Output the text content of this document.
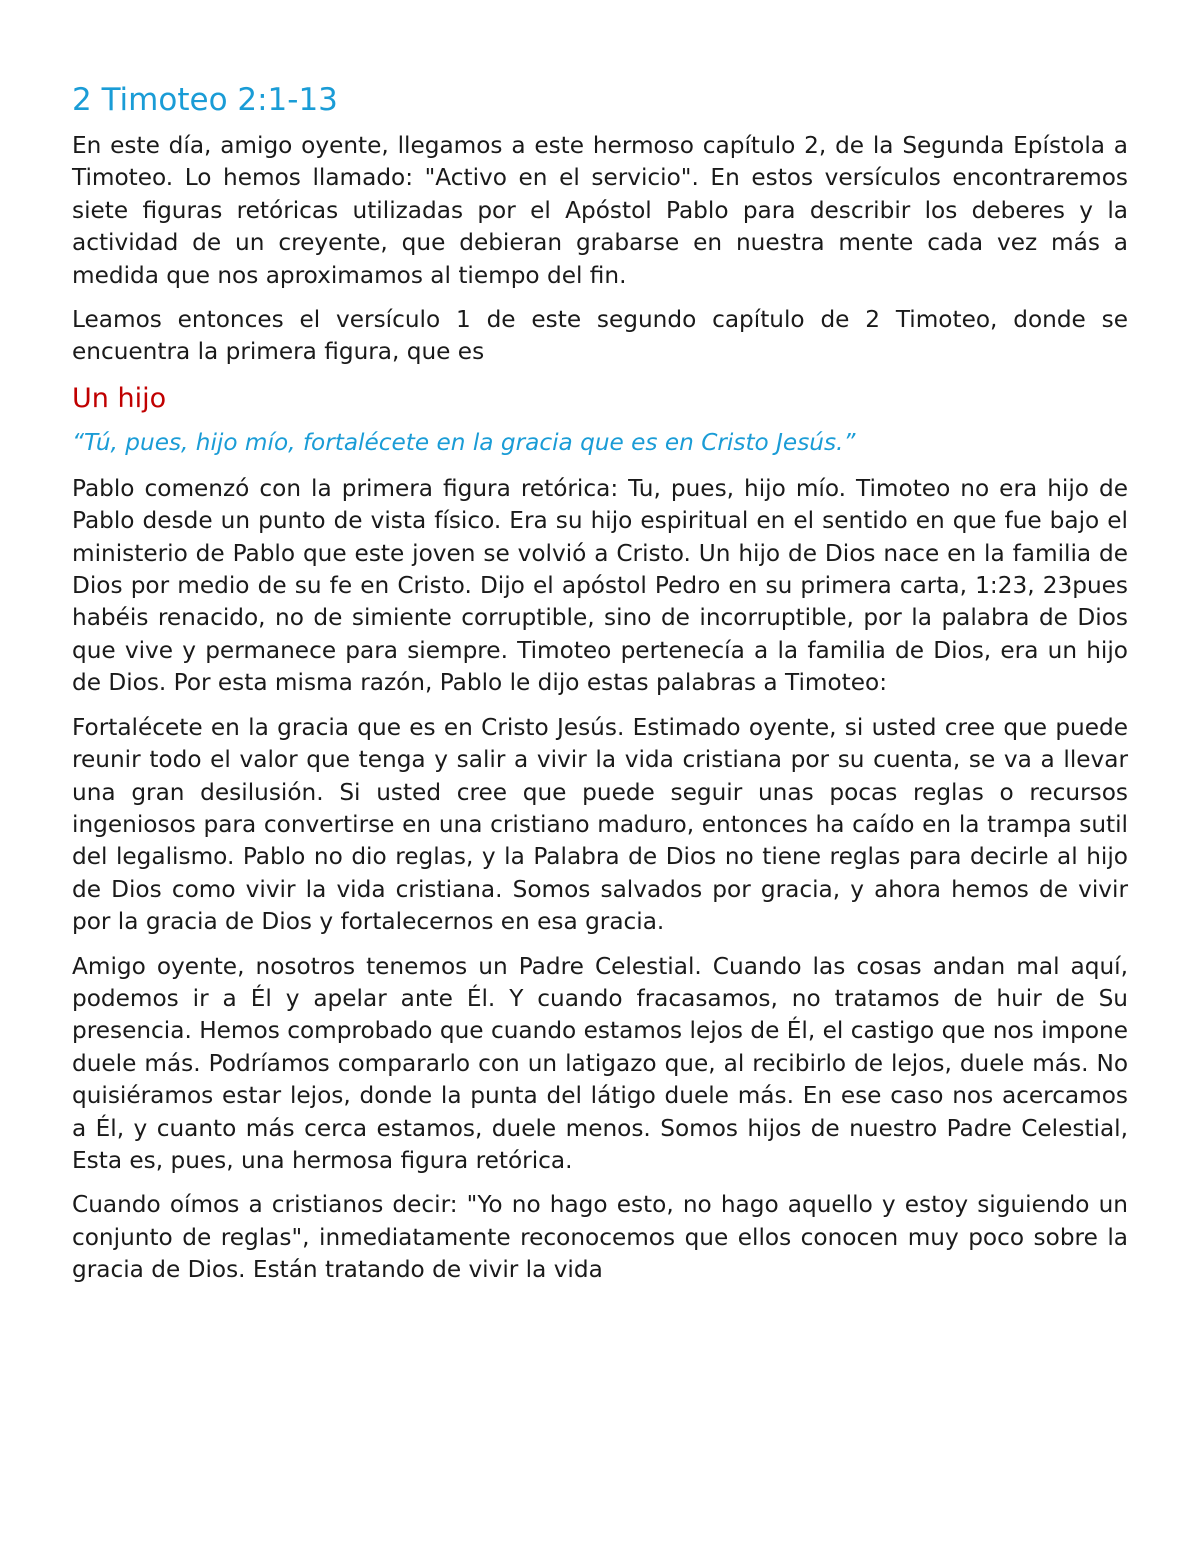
2 Timoteo 2:1-13

En este día, amigo oyente, llegamos a este hermoso capítulo 2, de la Segunda Epístola a Timoteo. Lo hemos llamado: "Activo en el servicio". En estos versículos encontraremos siete figuras retóricas utilizadas por el Apóstol Pablo para describir los deberes y la actividad de un creyente, que debieran grabarse en nuestra mente cada vez más a medida que nos aproximamos al tiempo del fin.

Leamos entonces el versículo 1 de este segundo capítulo de 2 Timoteo, donde se encuentra la primera figura, que es

Un hijo

“Tú, pues, hijo mío, fortalécete en la gracia que es en Cristo Jesús.”

Pablo comenzó con la primera figura retórica: Tu, pues, hijo mío. Timoteo no era hijo de Pablo desde un punto de vista físico. Era su hijo espiritual en el sentido en que fue bajo el ministerio de Pablo que este joven se volvió a Cristo. Un hijo de Dios nace en la familia de Dios por medio de su fe en Cristo. Dijo el apóstol Pedro en su primera carta, 1:23, 23pues habéis renacido, no de simiente corruptible, sino de incorruptible, por la palabra de Dios que vive y permanece para siempre. Timoteo pertenecía a la familia de Dios, era un hijo de Dios. Por esta misma razón, Pablo le dijo estas palabras a Timoteo:

Fortalécete en la gracia que es en Cristo Jesús. Estimado oyente, si usted cree que puede reunir todo el valor que tenga y salir a vivir la vida cristiana por su cuenta, se va a llevar una gran desilusión. Si usted cree que puede seguir unas pocas reglas o recursos ingeniosos para convertirse en una cristiano maduro, entonces ha caído en la trampa sutil del legalismo. Pablo no dio reglas, y la Palabra de Dios no tiene reglas para decirle al hijo de Dios como vivir la vida cristiana. Somos salvados por gracia, y ahora hemos de vivir por la gracia de Dios y fortalecernos en esa gracia.

Amigo oyente, nosotros tenemos un Padre Celestial. Cuando las cosas andan mal aquí, podemos ir a Él y apelar ante Él. Y cuando fracasamos, no tratamos de huir de Su presencia. Hemos comprobado que cuando estamos lejos de Él, el castigo que nos impone duele más. Podríamos compararlo con un latigazo que, al recibirlo de lejos, duele más. No quisiéramos estar lejos, donde la punta del látigo duele más. En ese caso nos acercamos a Él, y cuanto más cerca estamos, duele menos. Somos hijos de nuestro Padre Celestial, Esta es, pues, una hermosa figura retórica.

Cuando oímos a cristianos decir: "Yo no hago esto, no hago aquello y estoy siguiendo un conjunto de reglas", inmediatamente reconocemos que ellos conocen muy poco sobre la gracia de Dios. Están tratando de vivir la vida
